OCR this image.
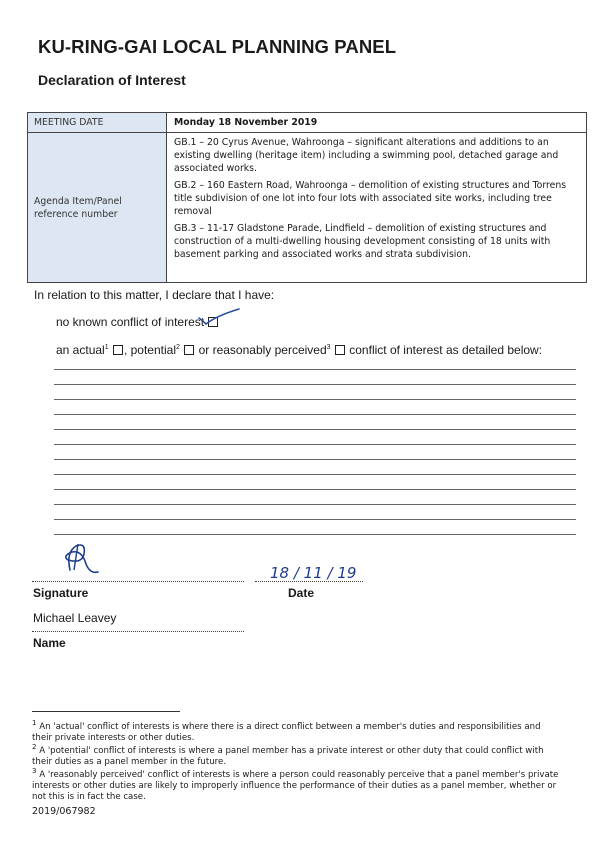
KU-RING-GAI LOCAL PLANNING PANEL
Declaration of Interest
MEETING DATE	Monday 18 November 2019
Agenda Item/Panel reference number	GB.1 – 20 Cyrus Avenue, Wahroonga – significant alterations and additions to an existing dwelling (heritage item) including a swimming pool, detached garage and associated works.
GB.2 – 160 Eastern Road, Wahroonga – demolition of existing structures and Torrens title subdivision of one lot into four lots with associated site works, including tree removal
GB.3 – 11-17 Gladstone Parade, Lindfield – demolition of existing structures and construction of a multi-dwelling housing development consisting of 18 units with basement parking and associated works and strata subdivision.
In relation to this matter, I declare that I have:
no known conflict of interest
an actual$^1$ , potential$^2$  or reasonably perceived$^3$  conflict of interest as detailed below:
Signature
18 / 11 / 19
Date
Michael Leavey
Name
$^1$ An 'actual' conflict of interests is where there is a direct conflict between a member's duties and responsibilities and their private interests or other duties.
$^2$ A 'potential' conflict of interests is where a panel member has a private interest or other duty that could conflict with their duties as a panel member in the future.
$^3$ A 'reasonably perceived' conflict of interests is where a person could reasonably perceive that a panel member's private interests or other duties are likely to improperly influence the performance of their duties as a panel member, whether or not this is in fact the case.
2019/067982
